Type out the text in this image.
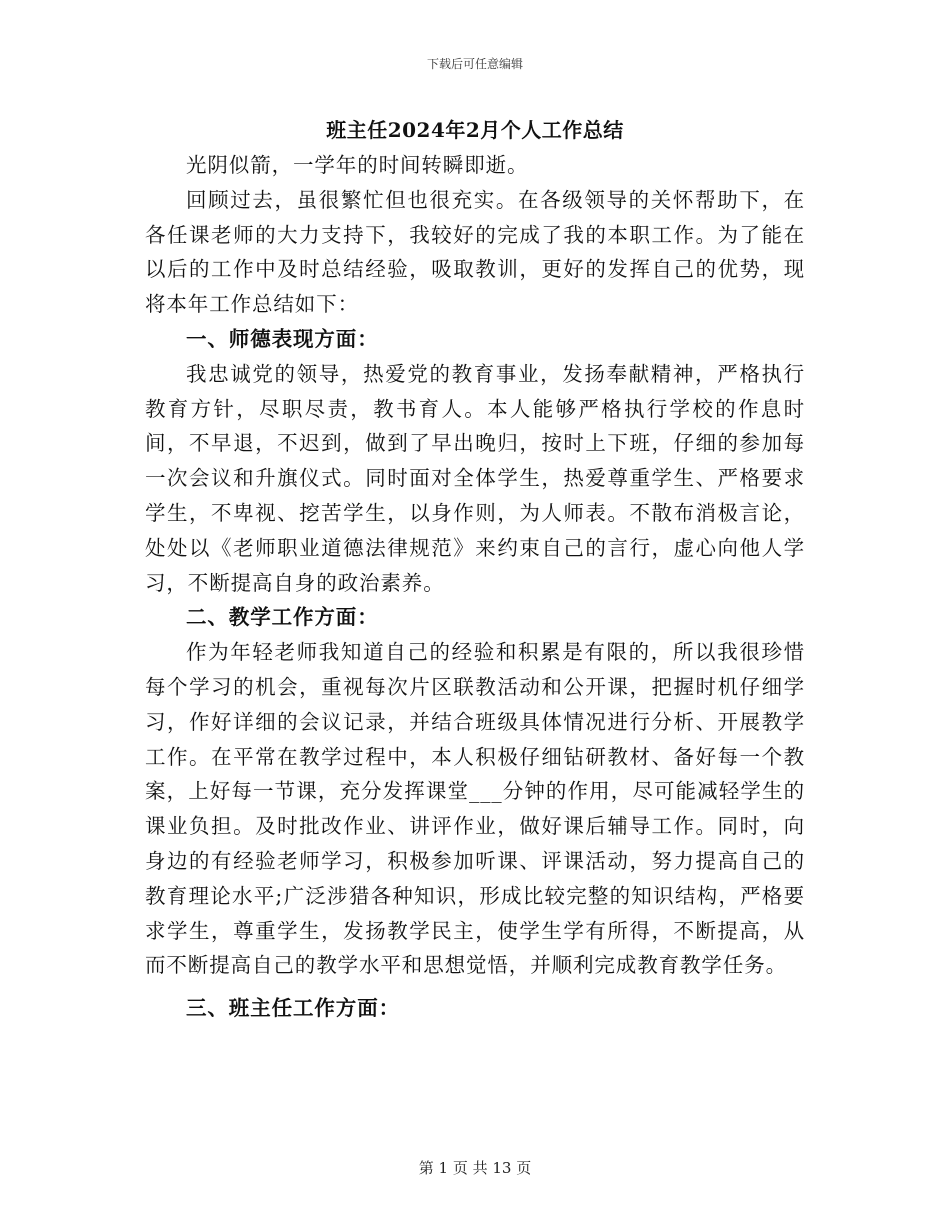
下载后可任意编辑
班主任2024年2月个人工作总结

光阴似箭，一学年的时间转瞬即逝。

回顾过去，虽很繁忙但也很充实。在各级领导的关怀帮助下，在各任课老师的大力支持下，我较好的完成了我的本职工作。为了能在以后的工作中及时总结经验，吸取教训，更好的发挥自己的优势，现将本年工作总结如下：

一、师德表现方面：

我忠诚党的领导，热爱党的教育事业，发扬奉献精神，严格执行教育方针，尽职尽责，教书育人。本人能够严格执行学校的作息时间，不早退，不迟到，做到了早出晚归，按时上下班，仔细的参加每一次会议和升旗仪式。同时面对全体学生，热爱尊重学生、严格要求学生，不卑视、挖苦学生，以身作则，为人师表。不散布消极言论，处处以《老师职业道德法律规范》来约束自己的言行，虚心向他人学习，不断提高自身的政治素养。

二、教学工作方面：

作为年轻老师我知道自己的经验和积累是有限的，所以我很珍惜每个学习的机会，重视每次片区联教活动和公开课，把握时机仔细学习，作好详细的会议记录，并结合班级具体情况进行分析、开展教学工作。在平常在教学过程中，本人积极仔细钻研教材、备好每一个教案，上好每一节课，充分发挥课堂___分钟的作用，尽可能减轻学生的课业负担。及时批改作业、讲评作业，做好课后辅导工作。同时，向身边的有经验老师学习，积极参加听课、评课活动，努力提高自己的教育理论水平;广泛涉猎各种知识，形成比较完整的知识结构，严格要求学生，尊重学生，发扬教学民主，使学生学有所得，不断提高，从而不断提高自己的教学水平和思想觉悟，并顺利完成教育教学任务。

三、班主任工作方面：

第 1 页 共 13 页
